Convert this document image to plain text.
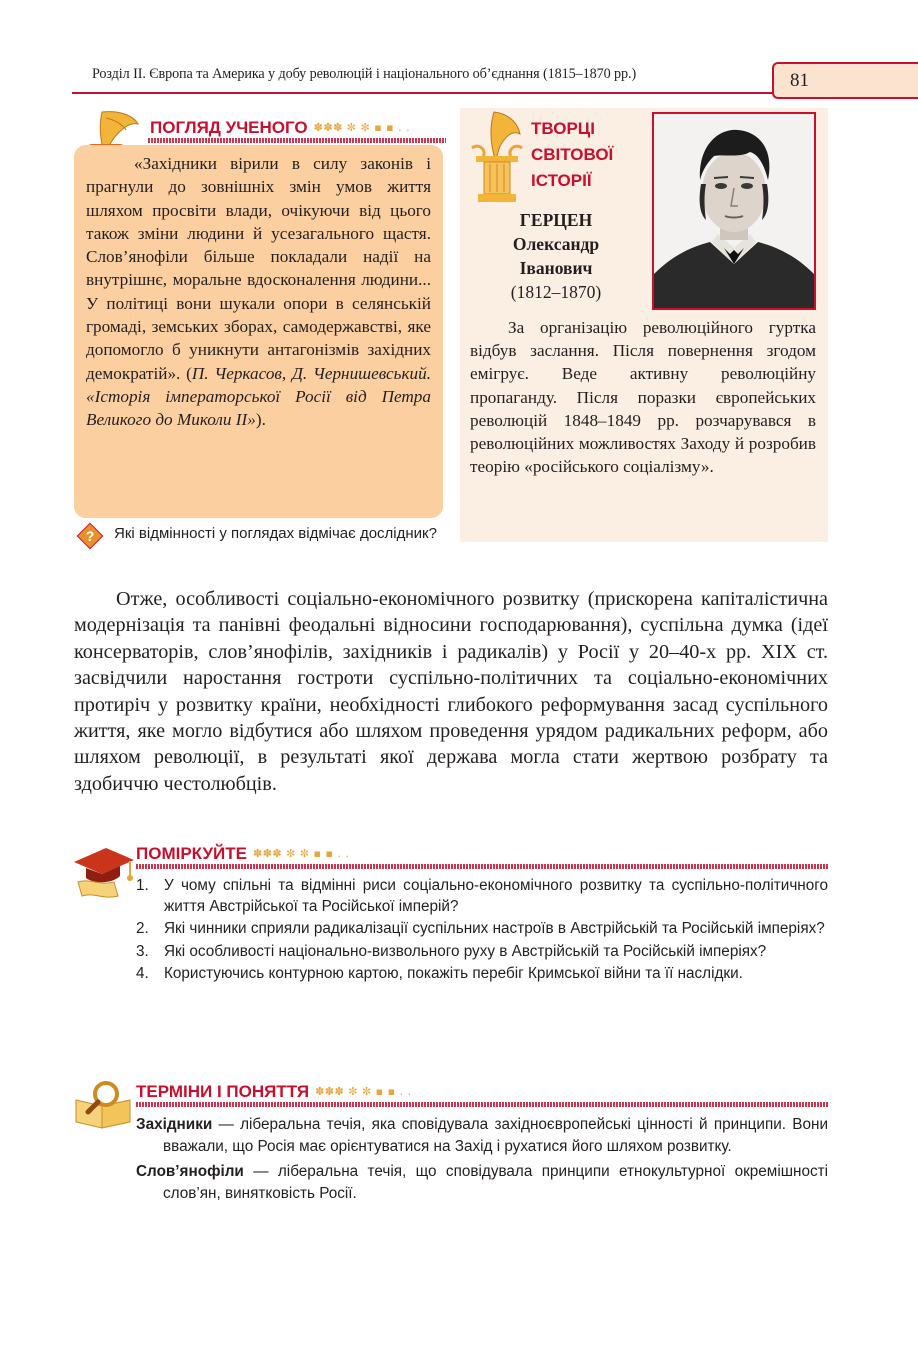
Розділ ІІ. Європа та Америка у добу революцій і національного об’єднання (1815–1870 рр.)	81
ПОГЛЯД УЧЕНОГО ✽✽✽ ✼ ✼ ▪ ▪ . .

«Західники вірили в силу законів і прагнули до зовнішніх змін умов життя шляхом просвіти влади, очікуючи від цього також зміни людини й усезагального щастя. Слов’янофіли більше покладали надії на внутрішнє, моральне вдосконалення людини... У політиці вони шукали опори в селянській громаді, земських зборах, самодержавстві, яке допомогло б уникнути антагонізмів західних демократій». (П. Черкасов, Д. Чернишевський. «Історія імператорської Росії від Петра Великого до Миколи ІІ»).

? Які відмінності у поглядах відмічає дослідник?
ТВОРЦІ
СВІТОВОЇ
ІСТОРІЇ
ГЕРЦЕН
Олександр
Іванович
(1812–1870)

За організацію революційного гуртка відбув заслання. Після повернення згодом емігрує. Веде активну революційну пропаганду. Після поразки європейських революцій 1848–1849 рр. розчарувався в революційних можливостях Заходу й розробив теорію «російського соціалізму».

Отже, особливості соціально-економічного розвитку (прискорена капіталістична модернізація та панівні феодальні відносини господарювання), суспільна думка (ідеї консерваторів, слов’янофілів, західників і радикалів) у Росії у 20–40-х рр. ХІХ ст. засвідчили наростання гостроти суспільно-політичних та соціально-економічних протиріч у розвитку країни, необхідності глибокого реформування засад суспільного життя, яке могло відбутися або шляхом проведення урядом радикальних реформ, або шляхом революції, в результаті якої держава могла стати жертвою розбрату та здобиччю честолюбців.

ПОМІРКУЙТЕ ✽✽✽ ✼ ✼ ▪ ▪ . .
1. У чому спільні та відмінні риси соціально-економічного розвитку та суспільно-політичного життя Австрійської та Російської імперій?
2. Які чинники сприяли радикалізації суспільних настроїв в Австрійській та Російській імперіях?
3. Які особливості національно-визвольного руху в Австрійській та Російській імперіях?
4. Користуючись контурною картою, покажіть перебіг Кримської війни та її наслідки.
ТЕРМІНИ І ПОНЯТТЯ ✽✽✽ ✼ ✼ ▪ ▪ . .
Західники — ліберальна течія, яка сповідувала західноєвропейські цінності й принципи. Вони вважали, що Росія має орієнтуватися на Захід і рухатися його шляхом розвитку.
Слов’янофіли — ліберальна течія, що сповідувала принципи етнокультурної окремішності слов’ян, винятковість Росії.
